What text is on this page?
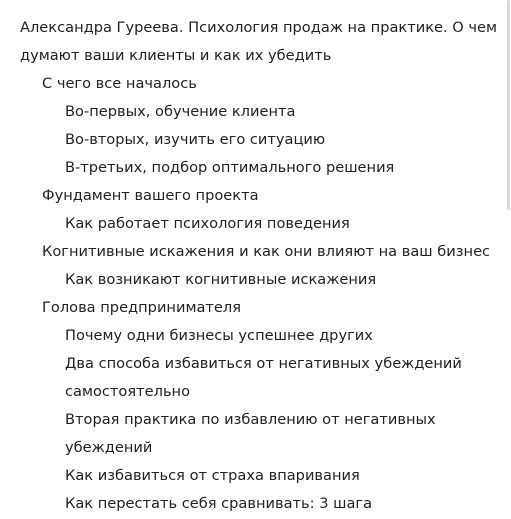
Александра Гуреева. Психология продаж на практике. О чем думают ваши клиенты и как их убедить
С чего все началось
Во-первых, обучение клиента
Во-вторых, изучить его ситуацию
В-третьих, подбор оптимального решения
Фундамент вашего проекта
Как работает психология поведения
Когнитивные искажения и как они влияют на ваш бизнес
Как возникают когнитивные искажения
Голова предпринимателя
Почему одни бизнесы успешнее других
Два способа избавиться от негативных убеждений самостоятельно
Вторая практика по избавлению от негативных убеждений
Как избавиться от страха впаривания
Как перестать себя сравнивать: 3 шага
